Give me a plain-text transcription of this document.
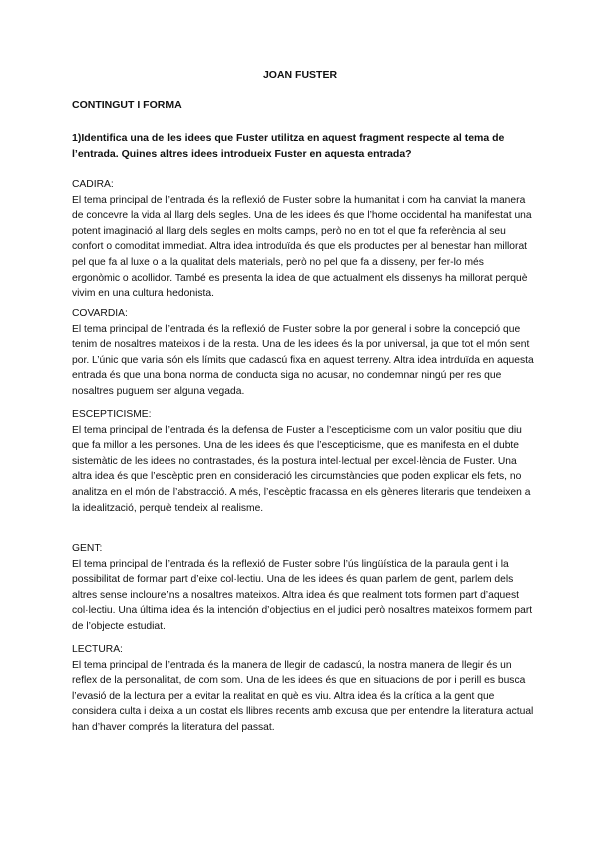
JOAN FUSTER
CONTINGUT I FORMA
1)Identifica una de les idees que Fuster utilitza en aquest fragment respecte al tema de l’entrada. Quines altres idees introdueix Fuster en aquesta entrada?

CADIRA:

El tema principal de l’entrada és la reflexió de Fuster sobre la humanitat i com ha canviat la manera de concevre la vida al llarg dels segles. Una de les idees és que l’home occidental ha manifestat una potent imaginació al llarg dels segles en molts camps, però no en tot el que fa referència al seu confort o comoditat immediat. Altra idea introduïda és que els productes per al benestar han millorat pel que fa al luxe o a la qualitat dels materials, però no pel que fa a disseny, per fer-lo més ergonòmic o acollidor. També es presenta la idea de que actualment els dissenys ha millorat perquè vivim en una cultura hedonista.

COVARDIA:

El tema principal de l’entrada és la reflexió de Fuster sobre la por general i sobre la concepció que tenim de nosaltres mateixos i de la resta. Una de les idees és la por universal, ja que tot el món sent por. L’únic que varia són els límits que cadascú fixa en aquest terreny. Altra idea intrduïda en aquesta entrada és que una bona norma de conducta siga no acusar, no condemnar ningú per res que nosaltres puguem ser alguna vegada.

ESCEPTICISME:

El tema principal de l’entrada és la defensa de Fuster a l’escepticisme com un valor positiu que diu que fa millor a les persones. Una de les idees és que l’escepticisme, que es manifesta en el dubte sistemàtic de les idees no contrastades, és la postura intel·lectual per excel·lència de Fuster. Una altra idea és que l’escèptic pren en consideració les circumstàncies que poden explicar els fets, no analitza en el món de l’abstracció. A més, l’escèptic fracassa en els gèneres literaris que tendeixen a la idealització, perquè tendeix al realisme.

GENT:

El tema principal de l’entrada és la reflexió de Fuster sobre l’ús lingüística de la paraula gent i la possibilitat de formar part d’eixe col·lectiu. Una de les idees és quan parlem de gent, parlem dels altres sense incloure’ns a nosaltres mateixos. Altra idea és que realment tots formen part d’aquest col·lectiu. Una última idea és la intención d’objectius en el judici però nosaltres mateixos formem part de l’objecte estudiat.

LECTURA:

El tema principal de l’entrada és la manera de llegir de cadascú, la nostra manera de llegir és un reflex de la personalitat, de com som. Una de les idees és que en situacions de por i perill es busca l’evasió de la lectura per a evitar la realitat en què es viu. Altra idea és la crítica a la gent que considera culta i deixa a un costat els llibres recents amb excusa que per entendre la literatura actual han d’haver comprés la literatura del passat.
